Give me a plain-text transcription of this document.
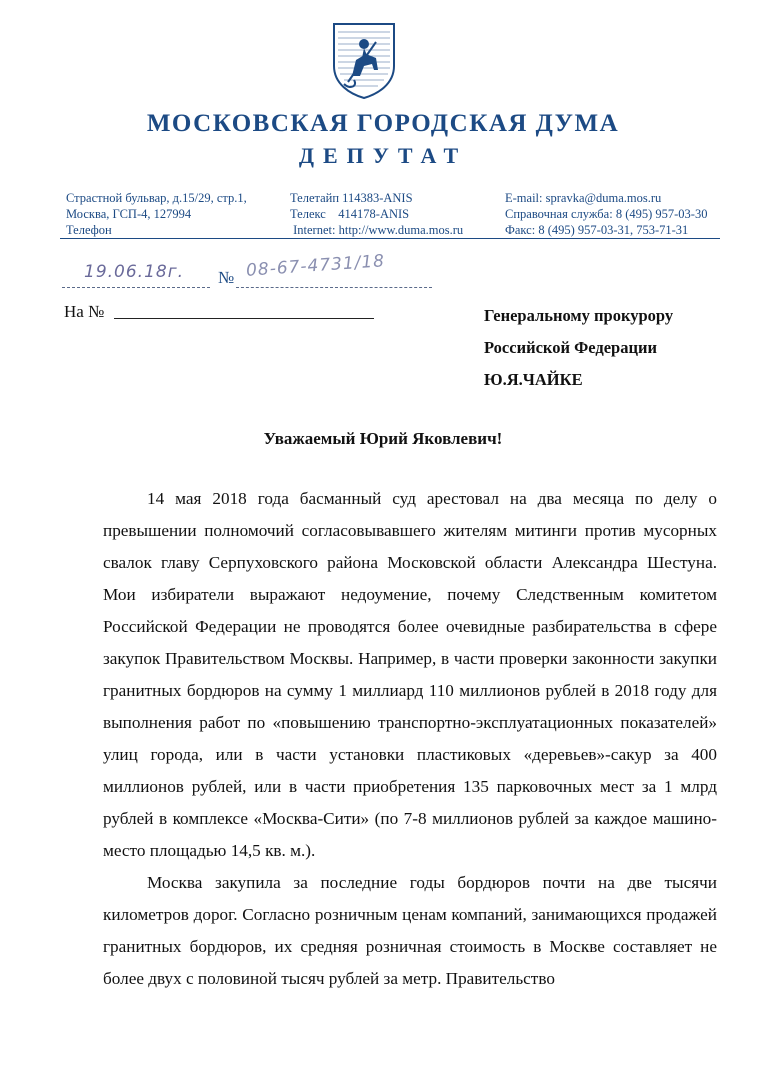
МОСКОВСКАЯ ГОРОДСКАЯ ДУМА
ДЕПУТАТ
Страстной бульвар, д.15/29, стр.1,
Москва, ГСП-4, 127994
Телефон
Телетайп 114383-ANIS
Телекс    414178-ANIS
Internet: http://www.duma.mos.ru
E-mail: spravka@duma.mos.ru
Справочная служба: 8 (495) 957-03-30
Факс: 8 (495) 957-03-31, 753-71-31
19.06.18г. № 08-67-4731/18
На №	Генеральному прокурору
Российской Федерации
Ю.Я.ЧАЙКЕ
Уважаемый Юрий Яковлевич!

14 мая 2018 года басманный суд арестовал на два месяца по делу о превышении полномочий согласовывавшего жителям митинги против мусорных свалок главу Серпуховского района Московской области Александра Шестуна. Мои избиратели выражают недоумение, почему Следственным комитетом Российской Федерации не проводятся более очевидные разбирательства в сфере закупок Правительством Москвы. Например, в части проверки законности закупки гранитных бордюров на сумму 1 миллиард 110 миллионов рублей в 2018 году для выполнения работ по «повышению транспортно-эксплуатационных показателей» улиц города, или в части установки пластиковых «деревьев»-сакур за 400 миллионов рублей, или в части приобретения 135 парковочных мест за 1 млрд рублей в комплексе «Москва-Сити» (по 7-8 миллионов рублей за каждое машино-место площадью 14,5 кв. м.).

Москва закупила за последние годы бордюров почти на две тысячи километров дорог. Согласно розничным ценам компаний, занимающихся продажей гранитных бордюров, их средняя розничная стоимость в Москве составляет не более двух с половиной тысяч рублей за метр. Правительство
